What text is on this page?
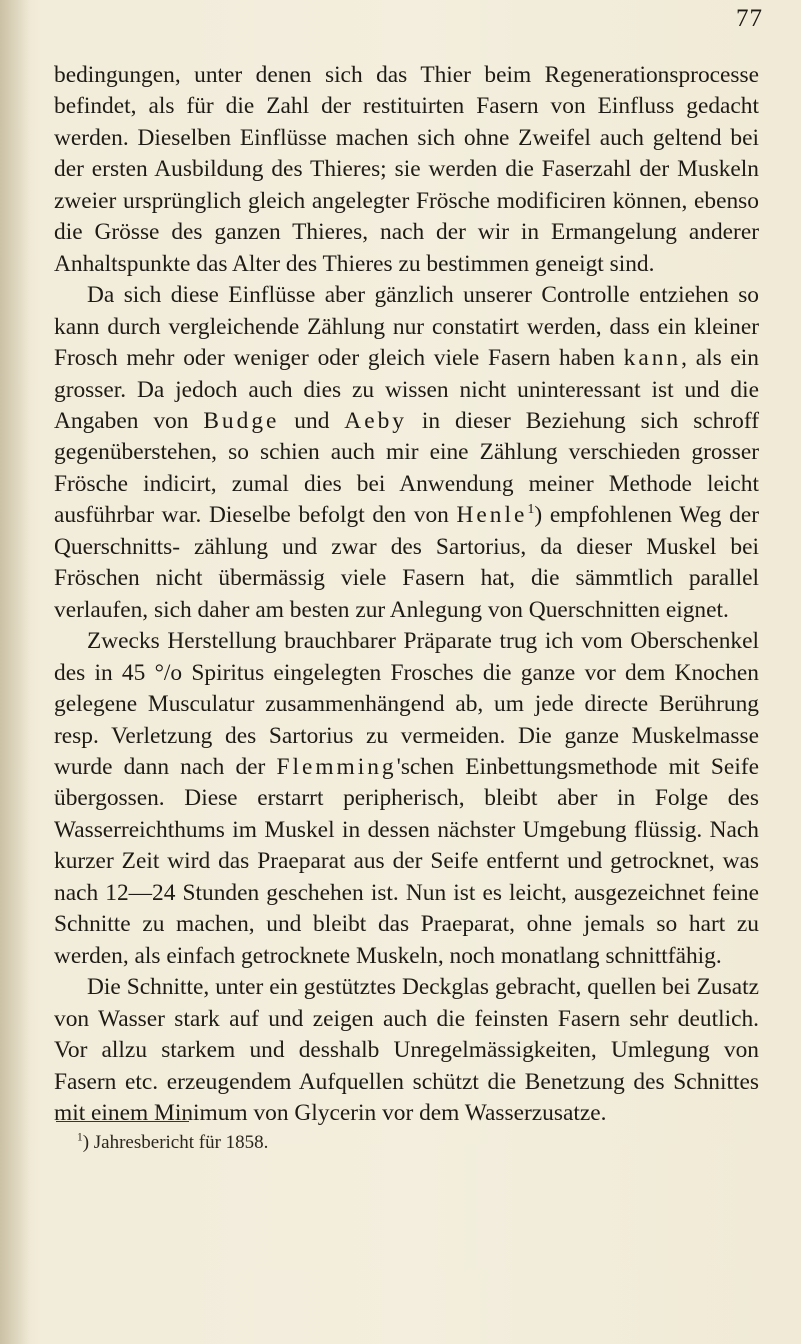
77

bedingungen, unter denen sich das Thier beim Regenerationsprocesse befindet, als für die Zahl der restituirten Fasern von Einfluss gedacht werden. Dieselben Einflüsse machen sich ohne Zweifel auch geltend bei der ersten Ausbildung des Thieres; sie werden die Faserzahl der Muskeln zweier ursprünglich gleich angelegter Frösche modificiren können, ebenso die Grösse des ganzen Thieres, nach der wir in Ermangelung anderer Anhaltspunkte das Alter des Thieres zu bestimmen geneigt sind.

Da sich diese Einflüsse aber gänzlich unserer Controlle entziehen so kann durch vergleichende Zählung nur constatirt werden, dass ein kleiner Frosch mehr oder weniger oder gleich viele Fasern haben kann, als ein grosser. Da jedoch auch dies zu wissen nicht uninteressant ist und die Angaben von Budge und Aeby in dieser Beziehung sich schroff gegenüberstehen, so schien auch mir eine Zählung verschieden grosser Frösche indicirt, zumal dies bei Anwendung meiner Methode leicht ausführbar war. Dieselbe befolgt den von Henle$^1$) empfohlenen Weg der Querschnitts- zählung und zwar des Sartorius, da dieser Muskel bei Fröschen nicht übermässig viele Fasern hat, die sämmtlich parallel verlaufen, sich daher am besten zur Anlegung von Querschnitten eignet.

Zwecks Herstellung brauchbarer Präparate trug ich vom Oberschenkel des in 45 °/o Spiritus eingelegten Frosches die ganze vor dem Knochen gelegene Musculatur zusammenhängend ab, um jede directe Berührung resp. Verletzung des Sartorius zu vermeiden. Die ganze Muskelmasse wurde dann nach der Flemming'schen Einbettungsmethode mit Seife übergossen. Diese erstarrt peripherisch, bleibt aber in Folge des Wasserreichthums im Muskel in dessen nächster Umgebung flüssig. Nach kurzer Zeit wird das Praeparat aus der Seife entfernt und getrocknet, was nach 12—24 Stunden geschehen ist. Nun ist es leicht, ausgezeichnet feine Schnitte zu machen, und bleibt das Praeparat, ohne jemals so hart zu werden, als einfach getrocknete Muskeln, noch monatlang schnittfähig.

Die Schnitte, unter ein gestütztes Deckglas gebracht, quellen bei Zusatz von Wasser stark auf und zeigen auch die feinsten Fasern sehr deutlich. Vor allzu starkem und desshalb Unregelmässigkeiten, Umlegung von Fasern etc. erzeugendem Aufquellen schützt die Benetzung des Schnittes mit einem Minimum von Glycerin vor dem Wasserzusatze.

$^1$) Jahresbericht für 1858.
